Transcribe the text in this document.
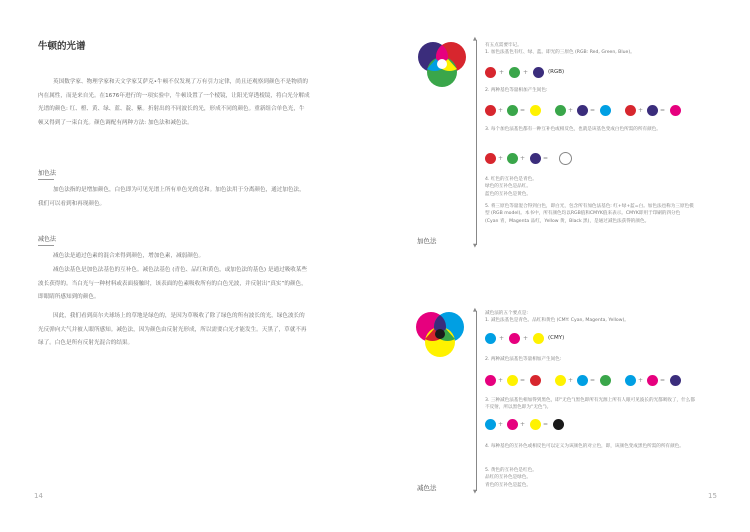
牛顿的光谱

英国数学家、物理学家和天文学家艾萨克•牛顿不仅发现了万有引力定律，尚且还观察到颜色不是物质的内在属性，而是来自光。在1676年进行的一项实验中，牛顿设置了一个棱镜，让阳光穿透棱镜，将白光分解成光谱的颜色: 红、橙、黄、绿、蓝、靛、紫。折射出的不同波长的光，形成不同的颜色。重新组合单色光，牛顿又得到了一束白光。颜色调配有两种方法: 加色法和减色法。

加色法

加色法指的是增加颜色，白色即为可见光谱上所有单色光的总和。加色法用于分离颜色，通过加色法，我们可以看到和再现颜色。

减色法

减色法是通过色素的混合来得到颜色，增加色素，减弱颜色。

减色法基色是加色法基色的互补色。减色法基色 (青色、品红和黄色，或加色法的基色) 是通过吸收某些波长获得的。当白光与一种材料或表面接触时，该表面的色素吸收所有的白色光波，并反射出“真实”的颜色，即眼睛所感知到的颜色。

因此，我们看到高尔夫球场上的草地是绿色的，是因为草吸收了除了绿色的所有波长的光，绿色波长的光反弹向大气并被人眼所感知。减色法，因为颜色由反射光形成，所以需要白光才能发生。天黑了，草就不再绿了。白色是所有反射光混合的结果。

14
▲
▼
加色法

有五点需要牢记。
1. 加色法基色有红、绿、蓝。即光的三原色 (RGB: Red, Green, Blue)。

+	+	(RGB)

2. 两种基色等量相加产生间色:

+	=	+	=	+	=

3. 每个加色法基色都有一种互补色或相反色，也就是该基色变成白色所需的所有颜色。

+	+	=

4. 红色的互补色是青色。
绿色的互补色是品红。
蓝色的互补色是黄色。

5. 将三原色等量混合得到白色，即白光，包含所有加色法基色: 红+绿+蓝=白。加色法也称为三原色模型 (RGB model)。本书中，所有颜色均以RGB值和CMYK值来表示。CMYK即用于印刷的四分色 (Cyan 青，Magenta 品红，Yellow 黄，Black 黑)，是通过减色法获得的颜色。

▲
▼
减色法

减色法的五个要点是:
1. 减色法基色是青色、品红和黄色 (CMY: Cyan, Magenta, Yellow)。

+	+	(CMY)

2. 两种减色法基色等量相加产生间色:

+	=	+	=	+	=

3. 三种减色法基色相加得到黑色，即“无色”(黑色即所有光源上所有人眼可见波长的光都吸收了，什么都不反射，所以黑色即为“无色”)。

+	+	=

4. 每种基色的互补色或相反色可以定义为该颜色的对立色，即，该颜色变成黑色所需的所有颜色。

5. 黄色的互补色是红色。
品红的互补色是绿色。
青色的互补色是蓝色。

15
